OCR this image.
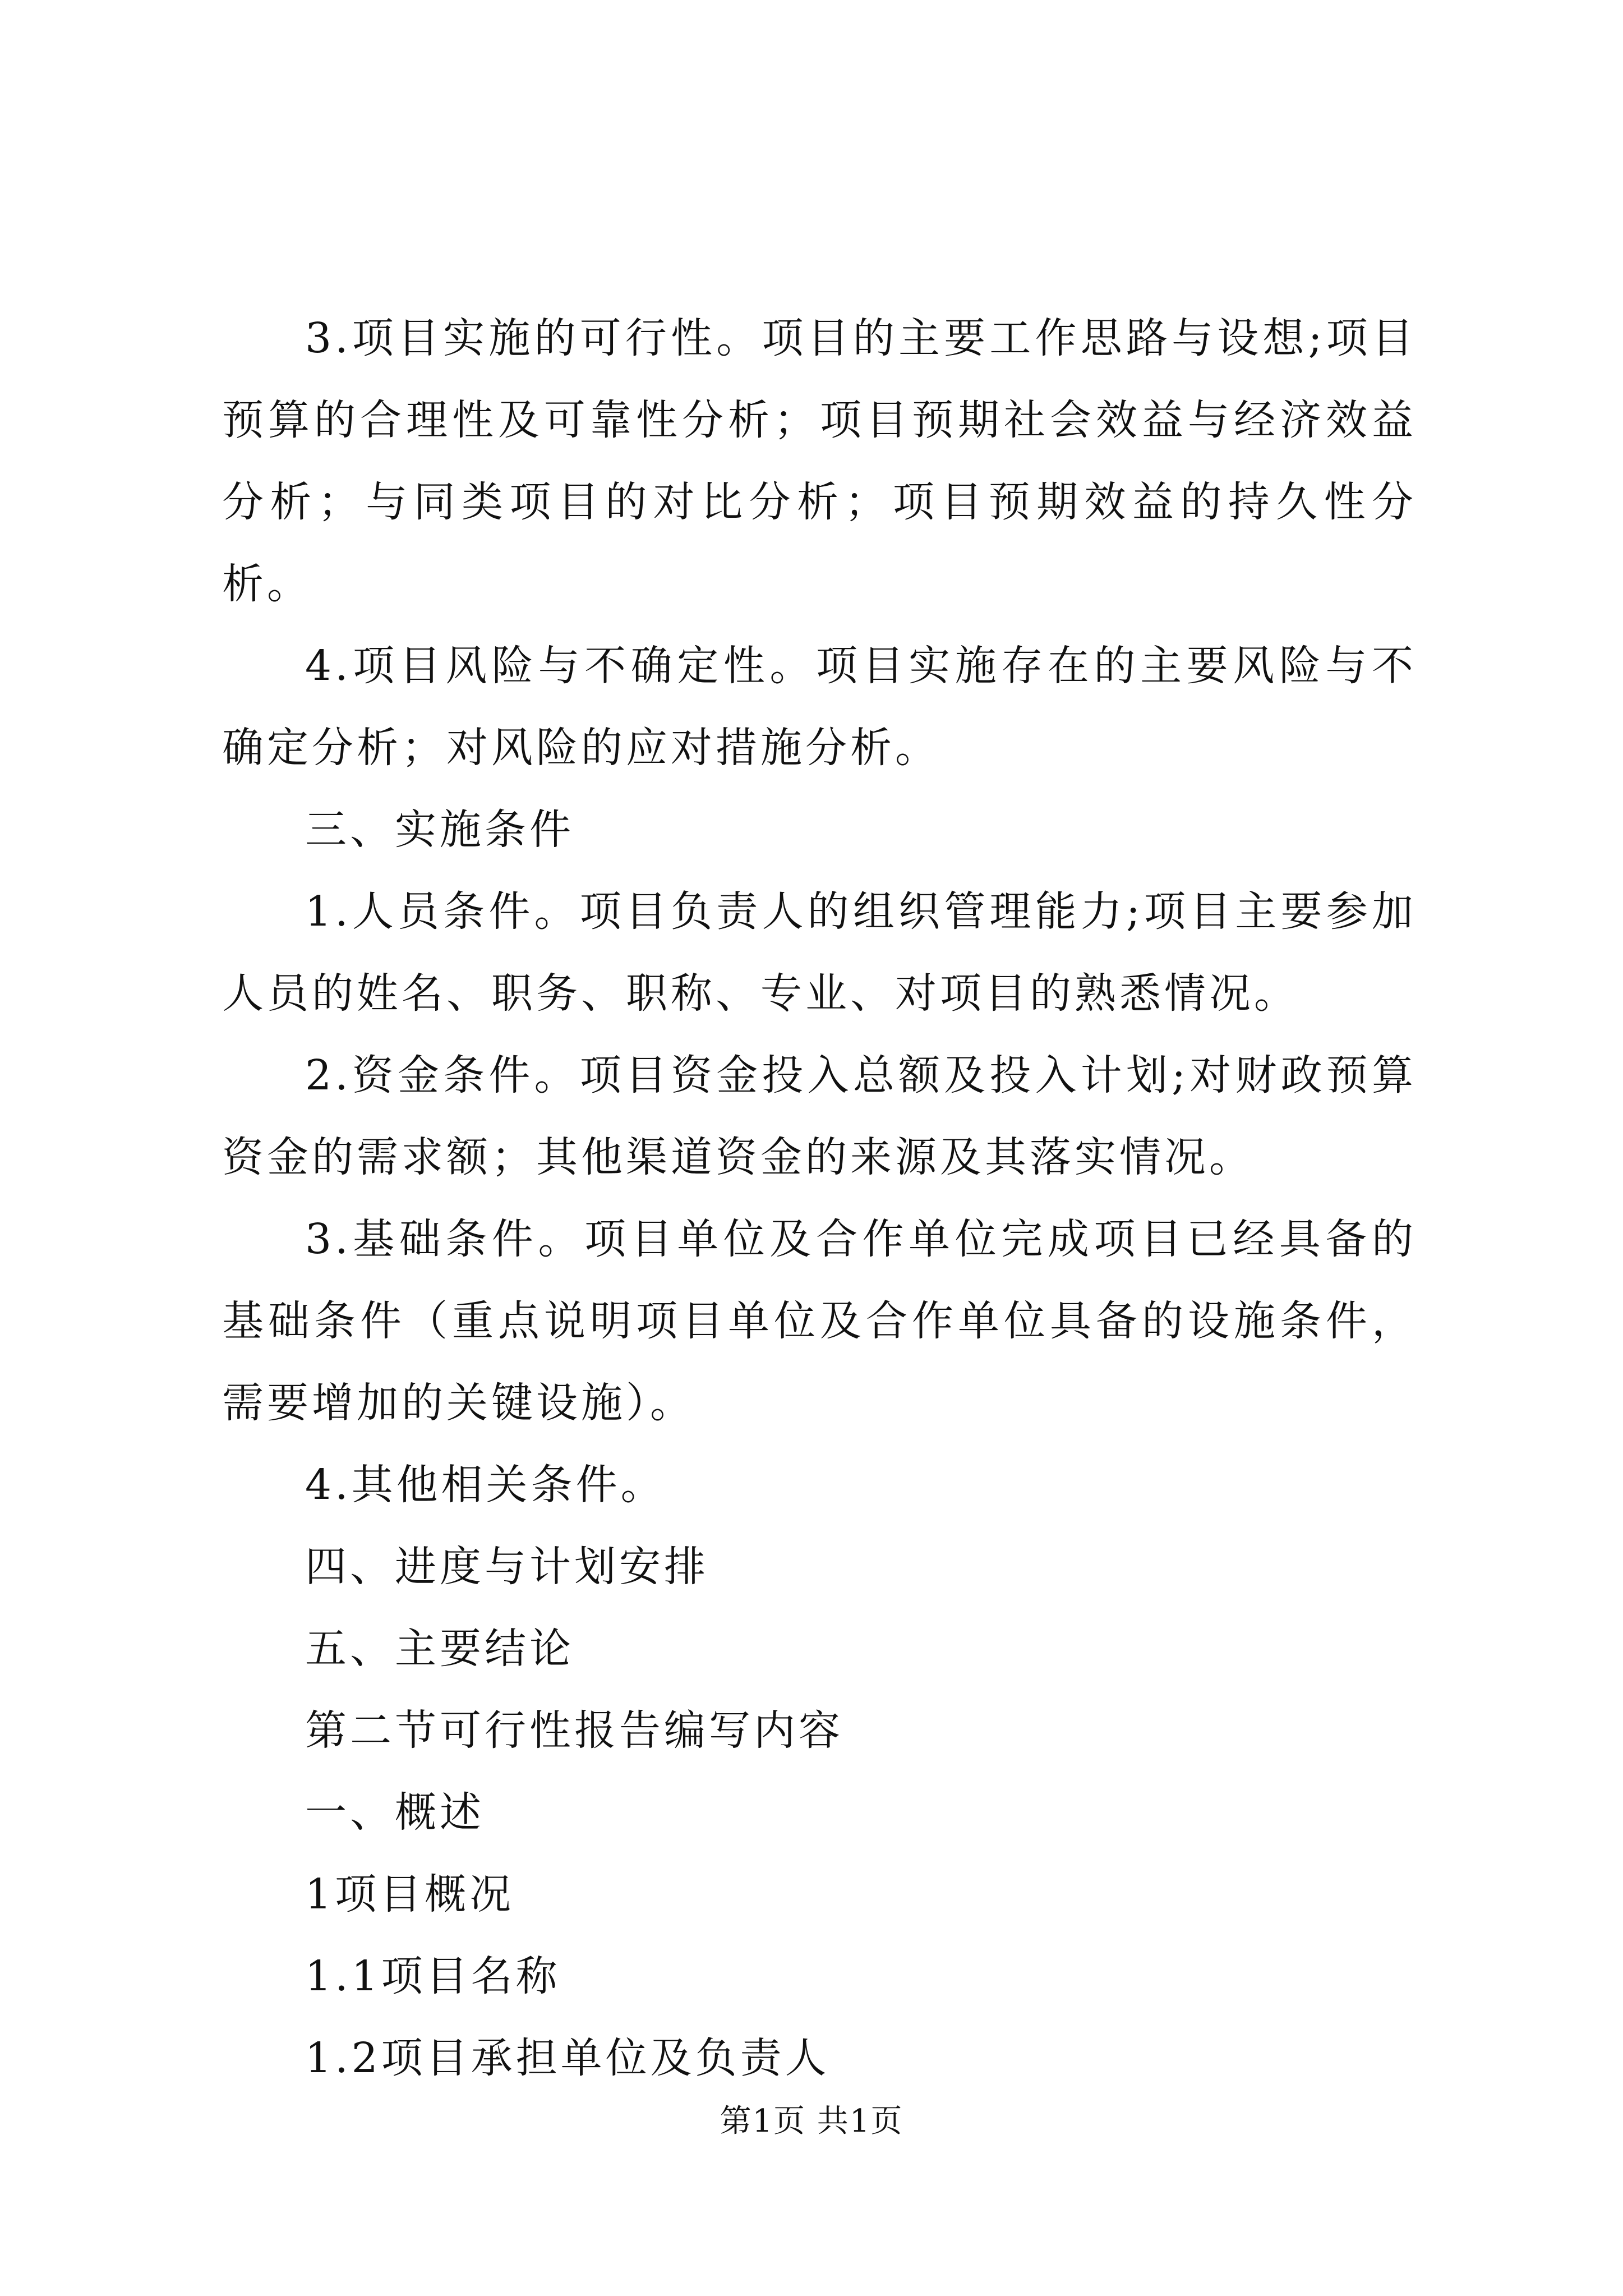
3.项目实施的可行性。项目的主要工作思路与设想;项目预算的合理性及可靠性分析；项目预期社会效益与经济效益分析；与同类项目的对比分析；项目预期效益的持久性分析。

4.项目风险与不确定性。项目实施存在的主要风险与不确定分析；对风险的应对措施分析。

三、实施条件

1.人员条件。项目负责人的组织管理能力;项目主要参加人员的姓名、职务、职称、专业、对项目的熟悉情况。

2.资金条件。项目资金投入总额及投入计划;对财政预算资金的需求额；其他渠道资金的来源及其落实情况。

3.基础条件。项目单位及合作单位完成项目已经具备的基础条件（重点说明项目单位及合作单位具备的设施条件，需要增加的关键设施）。

4.其他相关条件。

四、进度与计划安排

五、主要结论

第二节可行性报告编写内容

一、概述

1项目概况

1.1项目名称

1.2项目承担单位及负责人

第1页 共1页
